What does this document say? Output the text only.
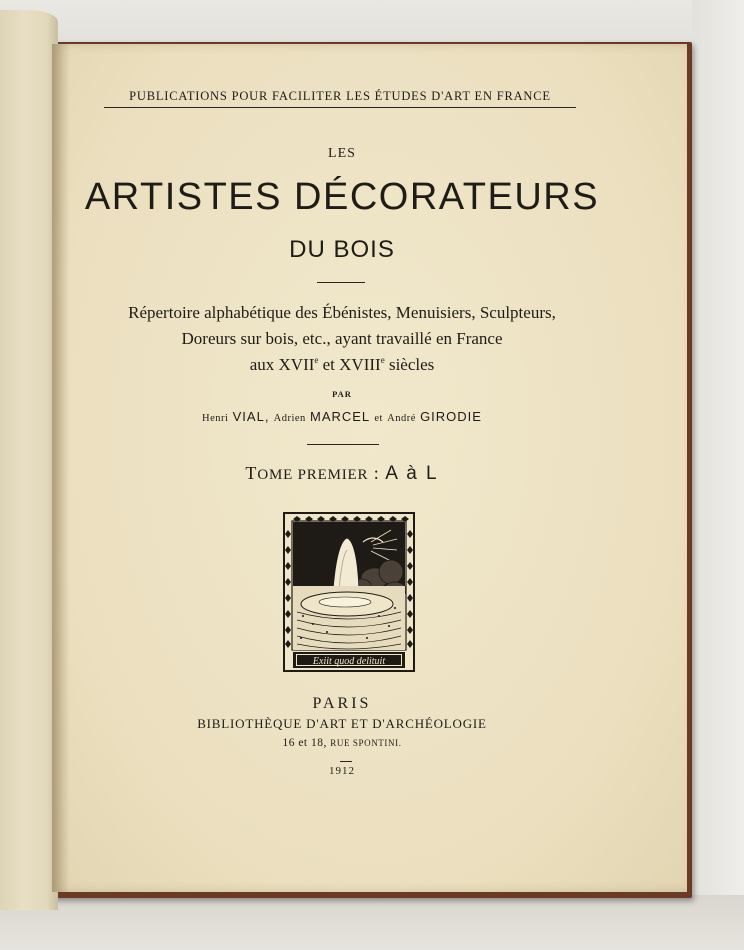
PUBLICATIONS POUR FACILITER LES ÉTUDES D'ART EN FRANCE
LES
ARTISTES DÉCORATEURS
DU BOIS
Répertoire alphabétique des Ébénistes, Menuisiers, Sculpteurs,
Doreurs sur bois, etc., ayant travaillé en France
aux XVIIe et XVIIIe siècles
PAR
Henri VIAL, Adrien MARCEL et André GIRODIE
TOME PREMIER : A à L
Exiit quod delituit
PARIS
BIBLIOTHÈQUE D'ART ET D'ARCHÉOLOGIE
16 et 18, RUE SPONTINI.
1912
